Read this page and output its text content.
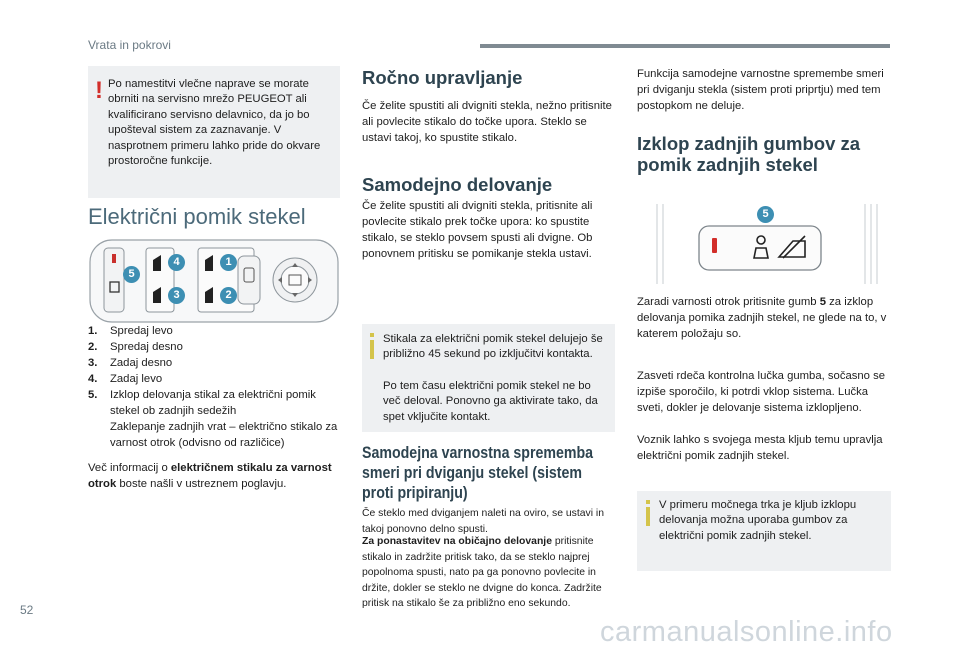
Vrata in pokrovi
! Po namestitvi vlečne naprave se morate obrniti na servisno mrežo PEUGEOT ali kvalificirano servisno delavnico, da jo bo upošteval sistem za zaznavanje. V nasprotnem primeru lahko pride do okvare prostoročne funkcije.

Električni pomik stekel
4	1
5
3	2
1. Spredaj levo
2. Spredaj desno
3. Zadaj desno
4. Zadaj levo
5. Izklop delovanja stikal za električni pomik stekel ob zadnjih sedežih
Zaklepanje zadnjih vrat – električno stikalo za varnost otrok (odvisno od različice)

Več informacij o električnem stikalu za varnost otrok boste našli v ustreznem poglavju.

Ročno upravljanje

Če želite spustiti ali dvigniti stekla, nežno pritisnite ali povlecite stikalo do točke upora. Steklo se ustavi takoj, ko spustite stikalo.

Samodejno delovanje

Če želite spustiti ali dvigniti stekla, pritisnite ali povlecite stikalo prek točke upora: ko spustite stikalo, se steklo povsem spusti ali dvigne. Ob ponovnem pritisku se pomikanje stekla ustavi.

Stikala za električni pomik stekel delujejo še približno 45 sekund po izključitvi kontakta.

Po tem času električni pomik stekel ne bo več deloval. Ponovno ga aktivirate tako, da spet vključite kontakt.

Samodejna varnostna sprememba smeri pri dviganju stekel (sistem proti pripiranju)

Če steklo med dviganjem naleti na oviro, se ustavi in takoj ponovno delno spusti.

Za ponastavitev na običajno delovanje pritisnite stikalo in zadržite pritisk tako, da se steklo najprej popolnoma spusti, nato pa ga ponovno povlecite in držite, dokler se steklo ne dvigne do konca. Zadržite pritisk na stikalo še za približno eno sekundo.

Funkcija samodejne varnostne spremembe smeri pri dviganju stekla (sistem proti priprtju) med tem postopkom ne deluje.

Izklop zadnjih gumbov za pomik zadnjih stekel
5

Zaradi varnosti otrok pritisnite gumb 5 za izklop delovanja pomika zadnjih stekel, ne glede na to, v katerem položaju so.

Zasveti rdeča kontrolna lučka gumba, sočasno se izpiše sporočilo, ki potrdi vklop sistema. Lučka sveti, dokler je delovanje sistema izklopljeno.

Voznik lahko s svojega mesta kljub temu upravlja električni pomik zadnjih stekel.

V primeru močnega trka je kljub izklopu delovanja možna uporaba gumbov za električni pomik zadnjih stekel.

52
carmanualsonline.info
